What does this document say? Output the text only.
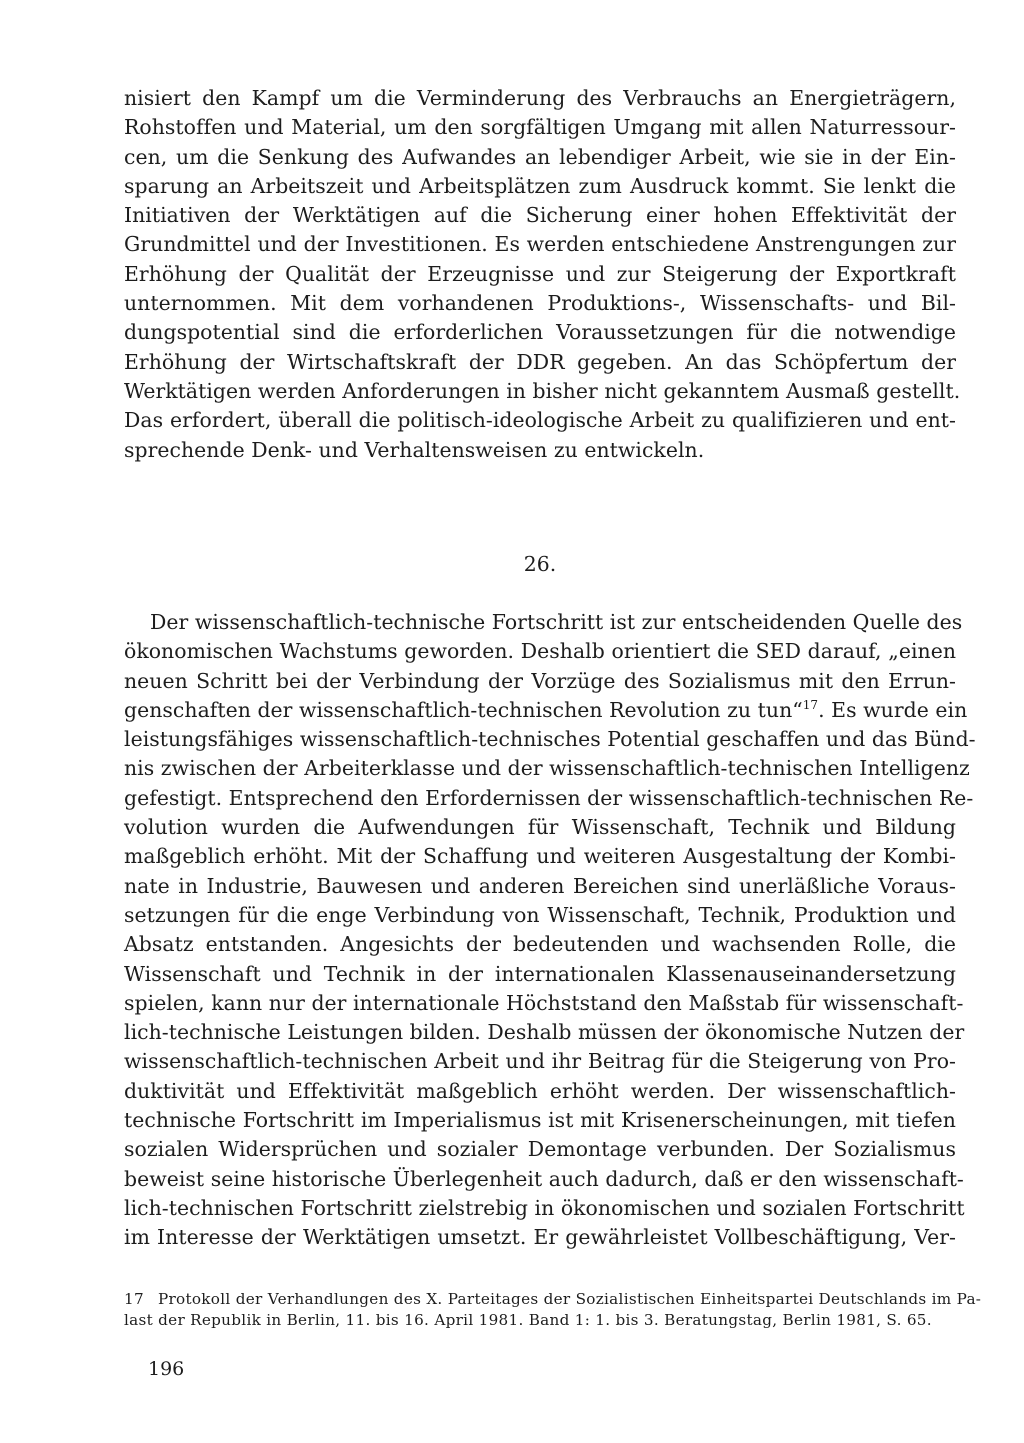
nisiert den Kampf um die Verminderung des Verbrauchs an Energieträgern,
Rohstoffen und Material, um den sorgfältigen Umgang mit allen Naturressour-
cen, um die Senkung des Aufwandes an lebendiger Arbeit, wie sie in der Ein-
sparung an Arbeitszeit und Arbeitsplätzen zum Ausdruck kommt. Sie lenkt die
Initiativen der Werktätigen auf die Sicherung einer hohen Effektivität der
Grundmittel und der Investitionen. Es werden entschiedene Anstrengungen zur
Erhöhung der Qualität der Erzeugnisse und zur Steigerung der Exportkraft
unternommen. Mit dem vorhandenen Produktions-, Wissenschafts- und Bil-
dungspotential sind die erforderlichen Voraussetzungen für die notwendige
Erhöhung der Wirtschaftskraft der DDR gegeben. An das Schöpfertum der
Werktätigen werden Anforderungen in bisher nicht gekanntem Ausmaß gestellt.
Das erfordert, überall die politisch-ideologische Arbeit zu qualifizieren und ent-
sprechende Denk- und Verhaltensweisen zu entwickeln.
26.
Der wissenschaftlich-technische Fortschritt ist zur entscheidenden Quelle des
ökonomischen Wachstums geworden. Deshalb orientiert die SED darauf, „einen
neuen Schritt bei der Verbindung der Vorzüge des Sozialismus mit den Errun-
genschaften der wissenschaftlich-technischen Revolution zu tun“$^{17}$. Es wurde ein
leistungsfähiges wissenschaftlich-technisches Potential geschaffen und das Bünd-
nis zwischen der Arbeiterklasse und der wissenschaftlich-technischen Intelligenz
gefestigt. Entsprechend den Erfordernissen der wissenschaftlich-technischen Re-
volution wurden die Aufwendungen für Wissenschaft, Technik und Bildung
maßgeblich erhöht. Mit der Schaffung und weiteren Ausgestaltung der Kombi-
nate in Industrie, Bauwesen und anderen Bereichen sind unerläßliche Voraus-
setzungen für die enge Verbindung von Wissenschaft, Technik, Produktion und
Absatz entstanden. Angesichts der bedeutenden und wachsenden Rolle, die
Wissenschaft und Technik in der internationalen Klassenauseinandersetzung
spielen, kann nur der internationale Höchststand den Maßstab für wissenschaft-
lich-technische Leistungen bilden. Deshalb müssen der ökonomische Nutzen der
wissenschaftlich-technischen Arbeit und ihr Beitrag für die Steigerung von Pro-
duktivität und Effektivität maßgeblich erhöht werden. Der wissenschaftlich-
technische Fortschritt im Imperialismus ist mit Krisenerscheinungen, mit tiefen
sozialen Widersprüchen und sozialer Demontage verbunden. Der Sozialismus
beweist seine historische Überlegenheit auch dadurch, daß er den wissenschaft-
lich-technischen Fortschritt zielstrebig in ökonomischen und sozialen Fortschritt
im Interesse der Werktätigen umsetzt. Er gewährleistet Vollbeschäftigung, Ver-
17 Protokoll der Verhandlungen des X. Parteitages der Sozialistischen Einheitspartei Deutschlands im Pa-
last der Republik in Berlin, 11. bis 16. April 1981. Band 1: 1. bis 3. Beratungstag, Berlin 1981, S. 65.
196
